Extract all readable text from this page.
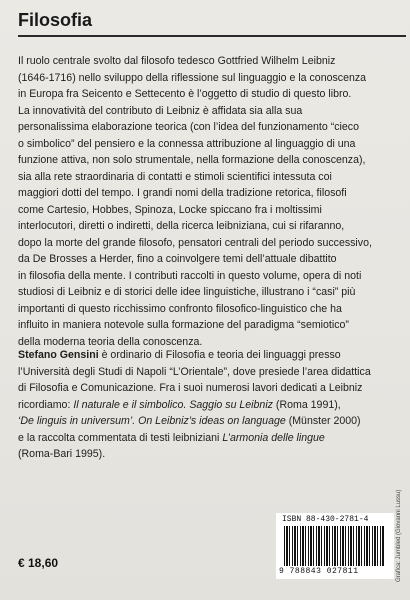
Filosofia
Il ruolo centrale svolto dal filosofo tedesco Gottfried Wilhelm Leibniz
(1646-1716) nello sviluppo della riflessione sul linguaggio e la conoscenza
in Europa fra Seicento e Settecento è l’oggetto di studio di questo libro.
La innovatività del contributo di Leibniz è affidata sia alla sua
personalissima elaborazione teorica (con l’idea del funzionamento “cieco
o simbolico” del pensiero e la connessa attribuzione al linguaggio di una
funzione attiva, non solo strumentale, nella formazione della conoscenza),
sia alla rete straordinaria di contatti e stimoli scientifici intessuta coi
maggiori dotti del tempo. I grandi nomi della tradizione retorica, filosofi
come Cartesio, Hobbes, Spinoza, Locke spiccano fra i moltissimi
interlocutori, diretti o indiretti, della ricerca leibniziana, cui si rifaranno,
dopo la morte del grande filosofo, pensatori centrali del periodo successivo,
da De Brosses a Herder, fino a coinvolgere temi dell’attuale dibattito
in filosofia della mente. I contributi raccolti in questo volume, opera di noti
studiosi di Leibniz e di storici delle idee linguistiche, illustrano i “casi” più
importanti di questo ricchissimo confronto filosofico-linguistico che ha
influito in maniera notevole sulla formazione del paradigma “semiotico”
della moderna teoria della conoscenza.
Stefano Gensini è ordinario di Filosofia e teoria dei linguaggi presso
l’Università degli Studi di Napoli “L’Orientale”, dove presiede l’area didattica
di Filosofia e Comunicazione. Fra i suoi numerosi lavori dedicati a Leibniz
ricordiamo: Il naturale e il simbolico. Saggio su Leibniz (Roma 1991),
‘De linguis in universum’. On Leibniz’s ideas on language (Münster 2000)
e la raccolta commentata di testi leibniziani L’armonia delle lingue
(Roma-Bari 1995).
ISBN 88-430-2781-4
9 788843 027811
€ 18,60	Grafica: Jumbled (Giovanni Lussu)
